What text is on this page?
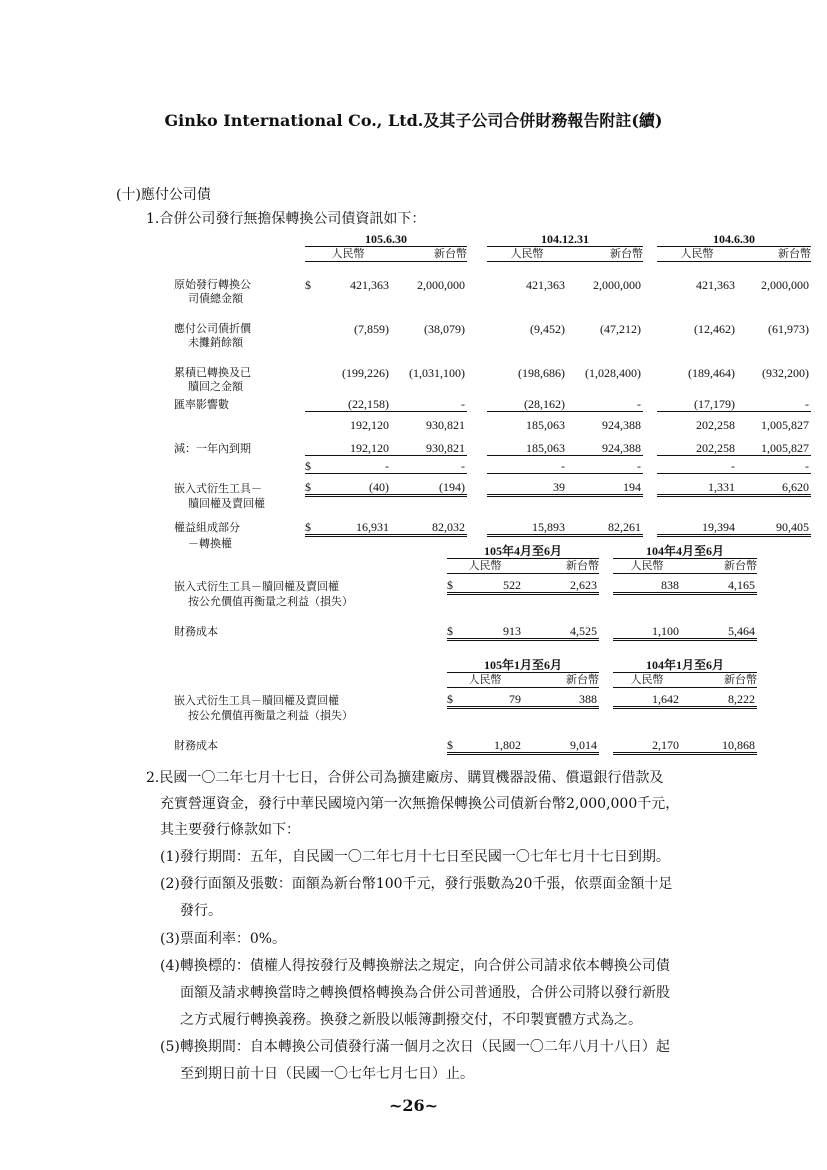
Ginko International Co., Ltd.及其子公司合併財務報告附註(續)
(十)應付公司債
1.合併公司發行無擔保轉換公司債資訊如下：
	105.6.30				104.12.31				104.6.30		
	人民幣		新台幣		人民幣		新台幣		人民幣		新台幣
原始發行轉換公	$	421,363	2,000,000			421,363	2,000,000			421,363	2,000,000
司債總金額											
應付公司債折價		(7,859)	(38,079)			(9,452)	(47,212)			(12,462)	(61,973)
未攤銷餘額											
累積已轉換及已		(199,226)	(1,031,100)			(198,686)	(1,028,400)			(189,464)	(932,200)
贖回之金額											
匯率影響數		(22,158)	-			(28,162)	-			(17,179)	-
		192,120	930,821			185,063	924,388			202,258	1,005,827
減：一年內到期		192,120	930,821			185,063	924,388			202,258	1,005,827
	$	-	-			-	-			-	-
嵌入式衍生工具－	$	(40)	(194)			39	194			1,331	6,620
贖回權及賣回權											
權益組成部分	$	16,931	82,032			15,893	82,261			19,394	90,405
－轉換權											
	105年4月至6月				104年4月至6月	
	人民幣		新台幣		人民幣	新台幣
嵌入式衍生工具－贖回權及賣回權	$	522	2,623		838	4,165
按公允價值再衡量之利益（損失）						
財務成本	$	913	4,525		1,100	5,464
	105年1月至6月				104年1月至6月	
	人民幣		新台幣		人民幣	新台幣
嵌入式衍生工具－贖回權及賣回權	$	79	388		1,642	8,222
按公允價值再衡量之利益（損失）						
財務成本	$	1,802	9,014		2,170	10,868
2.民國一〇二年七月十七日，合併公司為擴建廠房、購買機器設備、償還銀行借款及
充實營運資金，發行中華民國境內第一次無擔保轉換公司債新台幣2,000,000千元，
其主要發行條款如下：
(1)發行期間：五年，自民國一〇二年七月十七日至民國一〇七年七月十七日到期。
(2)發行面額及張數：面額為新台幣100千元，發行張數為20千張，依票面金額十足
發行。
(3)票面利率：0%。
(4)轉換標的：債權人得按發行及轉換辦法之規定，向合併公司請求依本轉換公司債
面額及請求轉換當時之轉換價格轉換為合併公司普通股，合併公司將以發行新股
之方式履行轉換義務。換發之新股以帳簿劃撥交付，不印製實體方式為之。
(5)轉換期間：自本轉換公司債發行滿一個月之次日（民國一〇二年八月十八日）起
至到期日前十日（民國一〇七年七月七日）止。
~26~
